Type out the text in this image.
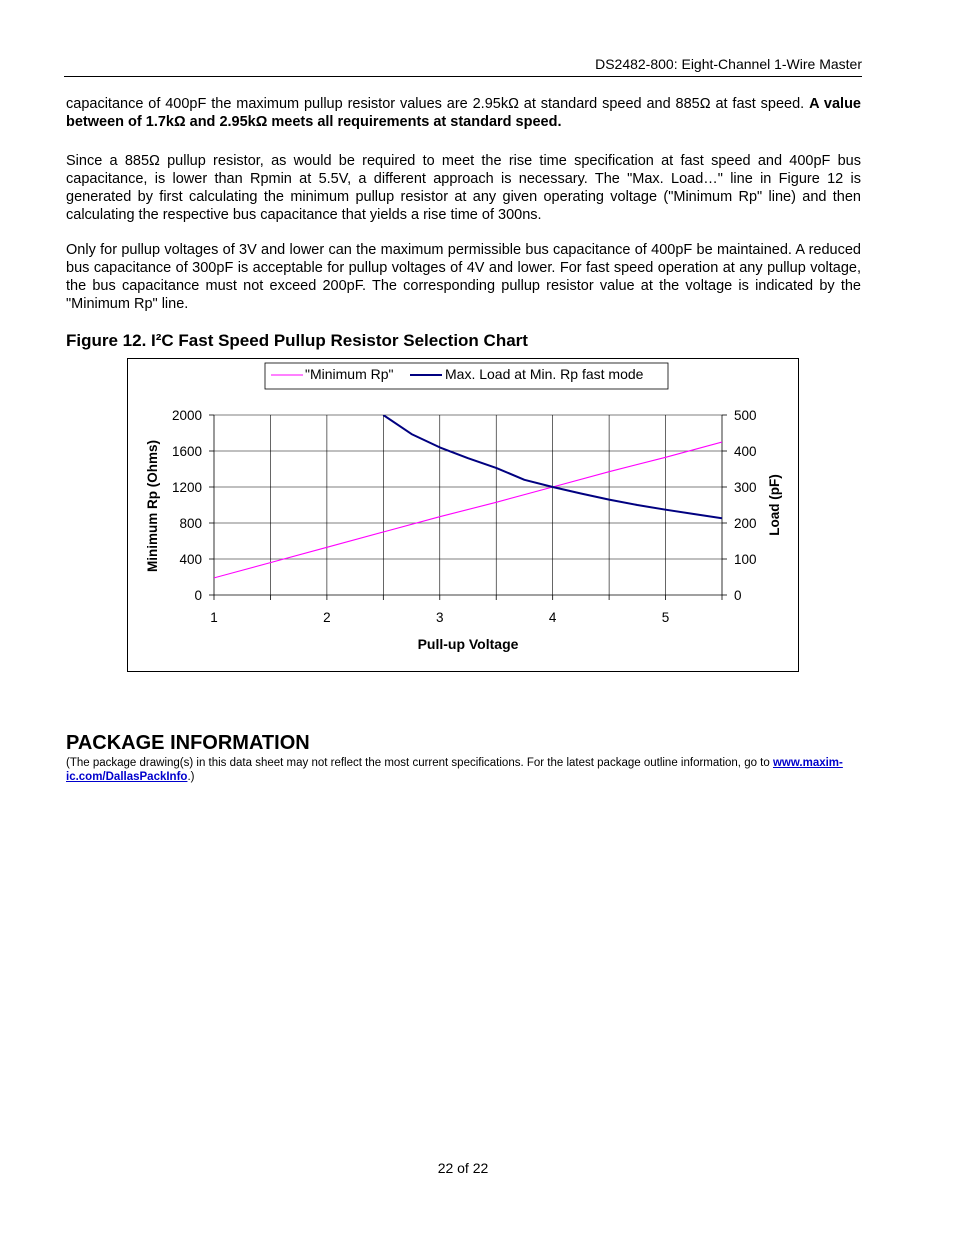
DS2482-800: Eight-Channel 1-Wire Master

capacitance of 400pF the maximum pullup resistor values are 2.95kΩ at standard speed and 885Ω at fast speed. A value between of 1.7kΩ and 2.95kΩ meets all requirements at standard speed.

Since a 885Ω pullup resistor, as would be required to meet the rise time specification at fast speed and 400pF bus capacitance, is lower than Rpmin at 5.5V, a different approach is necessary. The "Max. Load…" line in Figure 12 is generated by first calculating the minimum pullup resistor at any given operating voltage ("Minimum Rp" line) and then calculating the respective bus capacitance that yields a rise time of 300ns.

Only for pullup voltages of 3V and lower can the maximum permissible bus capacitance of 400pF be maintained. A reduced bus capacitance of 300pF is acceptable for pullup voltages of 4V and lower. For fast speed operation at any pullup voltage, the bus capacitance must not exceed 200pF. The corresponding pullup resistor value at the voltage is indicated by the "Minimum Rp" line.

Figure 12. I²C Fast Speed Pullup Resistor Selection Chart
0
400
800
1200
1600
2000
0
100
200
300
400
500
1	2	3	4	5
Pull-up Voltage
Minimum Rp (Ohms)	Load (pF)
"Minimum Rp"	Max. Load at Min. Rp fast mode
PACKAGE INFORMATION
(The package drawing(s) in this data sheet may not reflect the most current specifications. For the latest package outline information, go to www.maxim-ic.com/DallasPackInfo.)
22 of 22
